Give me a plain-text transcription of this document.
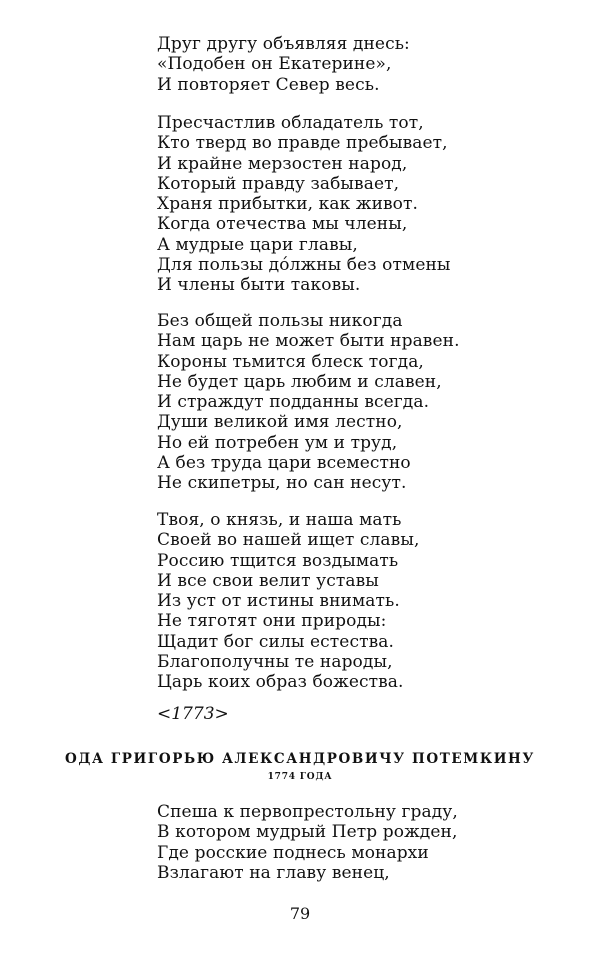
Друг другу объявляя днесь:
«Подобен он Екатерине»,
И повторяет Север весь.
Пресчастлив обладатель тот,
Кто тверд во правде пребывает,
И крайне мерзостен народ,
Который правду забывает,
Храня прибытки, как живот.
Когда отечества мы члены,
А мудрые цари главы,
Для пользы дóлжны без отмены
И члены быти таковы.
Без общей пользы никогда
Нам царь не может быти нравен.
Короны тьмится блеск тогда,
Не будет царь любим и славен,
И страждут подданны всегда.
Души великой имя лестно,
Но ей потребен ум и труд,
А без труда цари всеместно
Не скипетры, но сан несут.
Твоя, о князь, и наша мать
Своей во нашей ищет славы,
Россию тщится воздымать
И все свои велит уставы
Из уст от истины внимать.
Не тяготят они природы:
Щадит бог силы естества.
Благополучны те народы,
Царь коих образ божества.
<1773>
ОДА ГРИГОРЬЮ АЛЕКСАНДРОВИЧУ ПОТЕМКИНУ
1774 ГОДА
Спеша к первопрестольну граду,
В котором мудрый Петр рожден,
Где росские поднесь монархи
Взлагают на главу венец,
79
